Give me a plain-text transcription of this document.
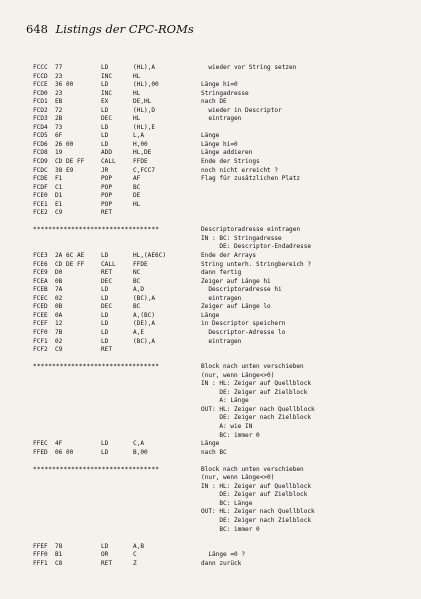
648 Listings der CPC-ROMs
FCCC 77	LD	(HL),A	wieder vor String setzen
FCCD 23	INC	HL
FCCE 36 00	LD	(HL),00	Länge hi=0
FCD0 23	INC	HL	Stringadresse
FCD1 EB	EX	DE,HL	nach DE
FCD2 72	LD	(HL),D	wieder in Descriptor
FCD3 2B	DEC	HL	eintragen
FCD4 73	LD	(HL),E
FCD5 6F	LD	L,A	Länge
FCD6 26 00	LD	H,00	Länge hi=0
FCD8 19	ADD	HL,DE	Länge addieren
FCD9 CD DE FF	CALL	FFDE	Ende der Strings
FCDC 38 E9	JR	C,FCC7	noch nicht erreicht ?
FCDE F1	POP	AF	Flag für zusätzlichen Platz
FCDF C1	POP	BC
FCE0 D1	POP	DE
FCE1 E1	POP	HL
FCE2 C9	RET
*********************************	Descriptoradresse eintragen
IN : BC: Stringadresse
DE: Descriptor-Endadresse
FCE3 2A 6C AE	LD	HL,(AE6C)	Ende der Arrays
FCE6 CD DE FF	CALL	FFDE	String unterh. Stringbereich ?
FCE9 D0	RET	NC	dann fertig
FCEA 0B	DEC	BC	Zeiger auf Länge hi
FCEB 7A	LD	A,D	Descriptoradresse hi
FCEC 02	LD	(BC),A	eintragen
FCED 0B	DEC	BC	Zeiger auf Länge lo
FCEE 0A	LD	A,(BC)	Länge
FCEF 12	LD	(DE),A	in Descriptor speichern
FCF0 7B	LD	A,E	Descriptor-Adresse lo
FCF1 02	LD	(BC),A	eintragen
FCF2 C9	RET
*********************************	Block nach unten verschieben
(nur, wenn Länge<>0)
IN : HL: Zeiger auf Quellblock
DE: Zeiger auf Zielblock
A: Länge
OUT: HL: Zeiger nach Quellblock
DE: Zeiger nach Zielblock
A: wie IN
BC: immer 0
FFEC 4F	LD	C,A	Länge
FFED 06 00	LD	B,00	nach BC
*********************************	Block nach unten verschieben
(nur, wenn Länge<>0)
IN : HL: Zeiger auf Quellblock
DE: Zeiger auf Zielblock
BC: Länge
OUT: HL: Zeiger nach Quellblock
DE: Zeiger nach Zielblock
BC: immer 0
FFEF 78	LD	A,B
FFF0 B1	OR	C	Länge =0 ?
FFF1 C8	RET	Z	dann zurück
